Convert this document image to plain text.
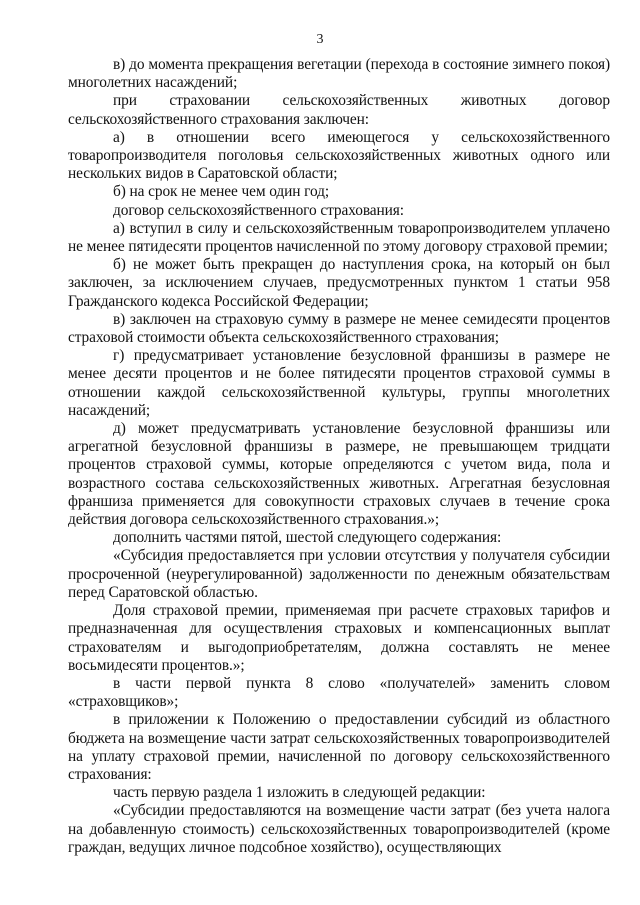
3

в) до момента прекращения вегетации (перехода в состояние зимнего покоя) многолетних насаждений;

при страховании сельскохозяйственных животных договор сельскохозяйственного страхования заключен:

а) в отношении всего имеющегося у сельскохозяйственного товаропроизводителя поголовья сельскохозяйственных животных одного или нескольких видов в Саратовской области;

б) на срок не менее чем один год;

договор сельскохозяйственного страхования:

а) вступил в силу и сельскохозяйственным товаропроизводителем уплачено не менее пятидесяти процентов начисленной по этому договору страховой премии;

б) не может быть прекращен до наступления срока, на который он был заключен, за исключением случаев, предусмотренных пунктом 1 статьи 958 Гражданского кодекса Российской Федерации;

в) заключен на страховую сумму в размере не менее семидесяти процентов страховой стоимости объекта сельскохозяйственного страхования;

г) предусматривает установление безусловной франшизы в размере не менее десяти процентов и не более пятидесяти процентов страховой суммы в отношении каждой сельскохозяйственной культуры, группы многолетних насаждений;

д) может предусматривать установление безусловной франшизы или агрегатной безусловной франшизы в размере, не превышающем тридцати процентов страховой суммы, которые определяются с учетом вида, пола и возрастного состава сельскохозяйственных животных. Агрегатная безусловная франшиза применяется для совокупности страховых случаев в течение срока действия договора сельскохозяйственного страхования.»;

дополнить частями пятой, шестой следующего содержания:

«Субсидия предоставляется при условии отсутствия у получателя субсидии просроченной (неурегулированной) задолженности по денежным обязательствам перед Саратовской областью.

Доля страховой премии, применяемая при расчете страховых тарифов и предназначенная для осуществления страховых и компенсационных выплат страхователям и выгодоприобретателям, должна составлять не менее восьмидесяти процентов.»;

в части первой пункта 8 слово «получателей» заменить словом «страховщиков»;

в приложении к Положению о предоставлении субсидий из областного бюджета на возмещение части затрат сельскохозяйственных товаропроизводителей на уплату страховой премии, начисленной по договору сельскохозяйственного страхования:

часть первую раздела 1 изложить в следующей редакции:

«Субсидии предоставляются на возмещение части затрат (без учета налога на добавленную стоимость) сельскохозяйственных товаропроизводителей (кроме граждан, ведущих личное подсобное хозяйство), осуществляющих
